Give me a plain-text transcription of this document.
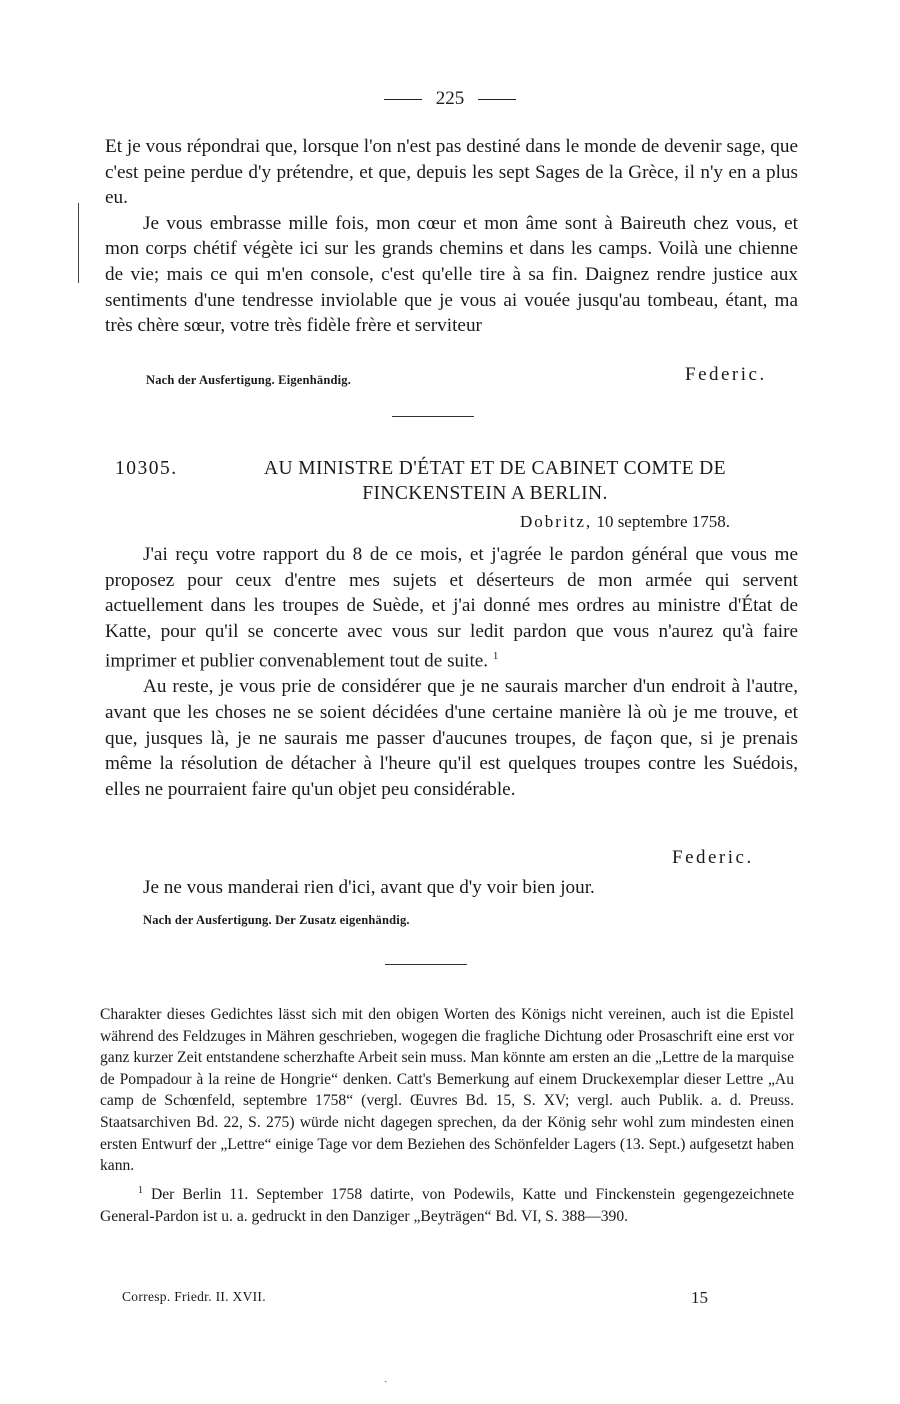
225

Et je vous répondrai que, lorsque l'on n'est pas destiné dans le monde de devenir sage, que c'est peine perdue d'y prétendre, et que, depuis les sept Sages de la Grèce, il n'y en a plus eu.

Je vous embrasse mille fois, mon cœur et mon âme sont à Baireuth chez vous, et mon corps chétif végète ici sur les grands chemins et dans les camps. Voilà une chienne de vie; mais ce qui m'en console, c'est qu'elle tire à sa fin. Daignez rendre justice aux sentiments d'une tendresse inviolable que je vous ai vouée jusqu'au tombeau, étant, ma très chère sœur, votre très fidèle frère et serviteur

Nach der Ausfertigung. Eigenhändig.	Federic.
10305.	AU MINISTRE D'ÉTAT ET DE CABINET COMTE DE
FINCKENSTEIN A BERLIN.
Dobritz, 10 septembre 1758.

J'ai reçu votre rapport du 8 de ce mois, et j'agrée le pardon général que vous me proposez pour ceux d'entre mes sujets et déserteurs de mon armée qui servent actuellement dans les troupes de Suède, et j'ai donné mes ordres au ministre d'État de Katte, pour qu'il se concerte avec vous sur ledit pardon que vous n'aurez qu'à faire imprimer et publier convenablement tout de suite. $^1$

Au reste, je vous prie de considérer que je ne saurais marcher d'un endroit à l'autre, avant que les choses ne se soient décidées d'une certaine manière là où je me trouve, et que, jusques là, je ne saurais me passer d'aucunes troupes, de façon que, si je prenais même la résolution de détacher à l'heure qu'il est quelques troupes contre les Suédois, elles ne pourraient faire qu'un objet peu considérable.

Federic.

Je ne vous manderai rien d'ici, avant que d'y voir bien jour.

Nach der Ausfertigung. Der Zusatz eigenhändig.

Charakter dieses Gedichtes lässt sich mit den obigen Worten des Königs nicht vereinen, auch ist die Epistel während des Feldzuges in Mähren geschrieben, wogegen die fragliche Dichtung oder Prosaschrift eine erst vor ganz kurzer Zeit entstandene scherzhafte Arbeit sein muss. Man könnte am ersten an die „Lettre de la marquise de Pompadour à la reine de Hongrie“ denken. Catt's Bemerkung auf einem Druckexemplar dieser Lettre „Au camp de Schœnfeld, septembre 1758“ (vergl. Œuvres Bd. 15, S. XV; vergl. auch Publik. a. d. Preuss. Staatsarchiven Bd. 22, S. 275) würde nicht dagegen sprechen, da der König sehr wohl zum mindesten einen ersten Entwurf der „Lettre“ einige Tage vor dem Beziehen des Schönfelder Lagers (13. Sept.) aufgesetzt haben kann.

$^1$ Der Berlin 11. September 1758 datirte, von Podewils, Katte und Finckenstein gegengezeichnete General-Pardon ist u. a. gedruckt in den Danziger „Beyträgen“ Bd. VI, S. 388—390.

Corresp. Friedr. II. XVII.	15
ˏ
